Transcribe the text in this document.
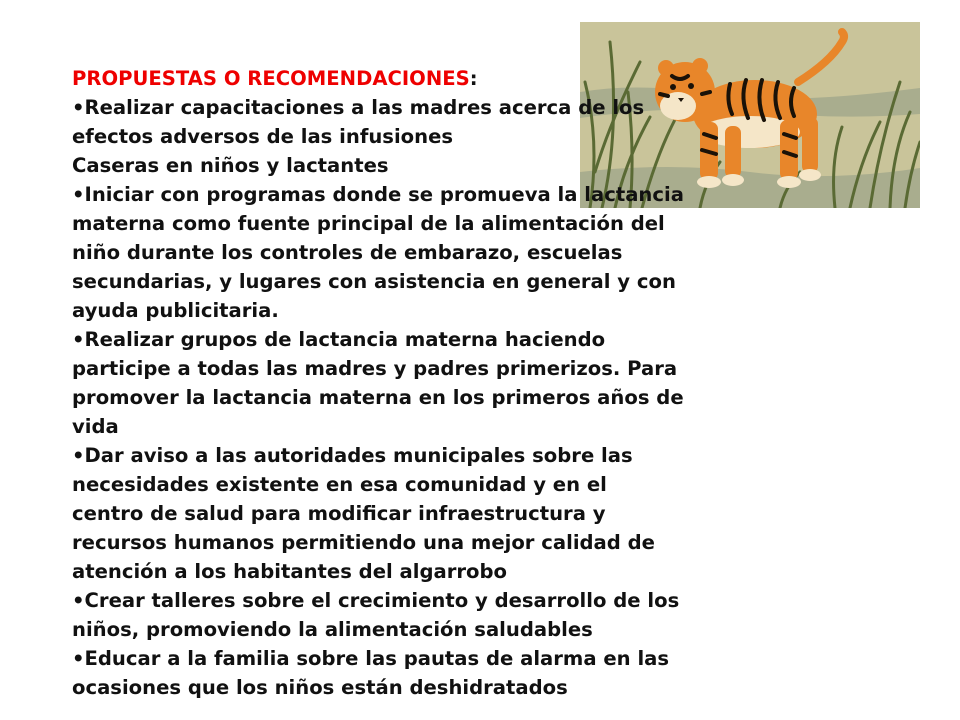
PROPUESTAS O RECOMENDACIONES:
•Realizar capacitaciones a las madres acerca de los
efectos adversos de las infusiones
Caseras en niños y lactantes
•Iniciar con programas donde se promueva la lactancia
materna como fuente principal de la alimentación del
niño durante los controles de embarazo, escuelas
secundarias, y lugares con asistencia en general y con
ayuda publicitaria.
•Realizar grupos de lactancia materna haciendo
participe a todas las madres y padres primerizos. Para
promover la lactancia materna en los primeros años de
vida
•Dar aviso a las autoridades municipales sobre las
necesidades existente en esa comunidad y en el
centro de salud para modificar infraestructura y
recursos humanos permitiendo una mejor calidad de
atención a los habitantes del algarrobo
•Crear talleres sobre el crecimiento y desarrollo de los
niños, promoviendo la alimentación saludables
•Educar a la familia sobre las pautas de alarma en las
ocasiones que los niños están deshidratados
